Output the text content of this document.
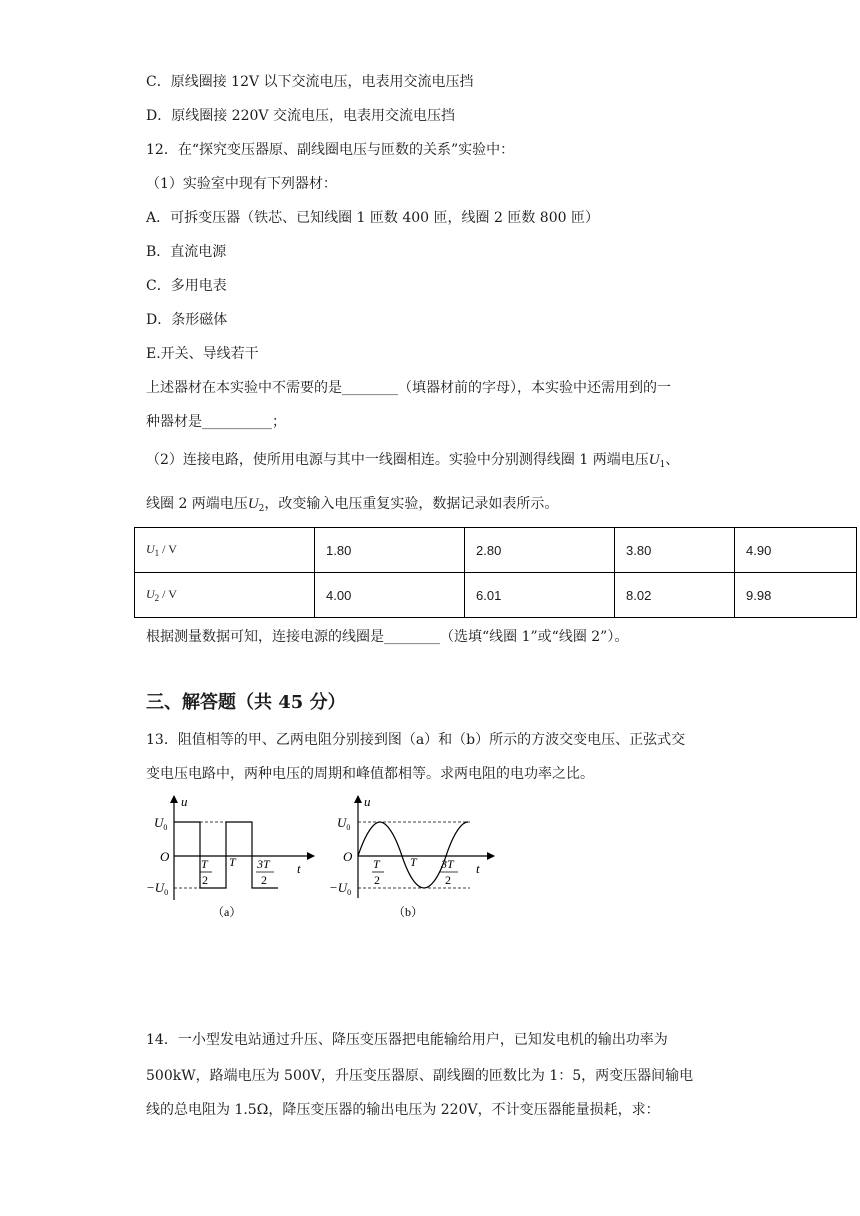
C．原线圈接 12V 以下交流电压，电表用交流电压挡
D．原线圈接 220V 交流电压，电表用交流电压挡
12．在“探究变压器原、副线圈电压与匝数的关系”实验中：
（1）实验室中现有下列器材：
A．可拆变压器（铁芯、已知线圈 1 匝数 400 匝，线圈 2 匝数 800 匝）
B．直流电源
C．多用电表
D．条形磁体
E.开关、导线若干
上述器材在本实验中不需要的是________（填器材前的字母），本实验中还需用到的一
种器材是__________；
（2）连接电路，使所用电源与其中一线圈相连。实验中分别测得线圈 1 两端电压$U_1$、
线圈 2 两端电压$U_2$，改变输入电压重复实验，数据记录如表所示。
$U_1$ / V	1.80	2.80	3.80	4.90
$U_2$ / V	4.00	6.01	8.02	9.98
根据测量数据可知，连接电源的线圈是________（选填“线圈 1”或“线圈 2”）。
三、解答题（共 45 分）
13．阻值相等的甲、乙两电阻分别接到图（a）和（b）所示的方波交变电压、正弦式交
变电压电路中，两种电压的周期和峰值都相等。求两电阻的电功率之比。
u
$U_0$
O
$-U_0$
T
2
T 3T
2
t
（a）
u
$U_0$
O
$-U_0$
T
2
T 3T
2
t
（b）
14．一小型发电站通过升压、降压变压器把电能输给用户，已知发电机的输出功率为
500kW，路端电压为 500V，升压变压器原、副线圈的匝数比为 1：5，两变压器间输电
线的总电阻为 1.5Ω，降压变压器的输出电压为 220V，不计变压器能量损耗，求：
